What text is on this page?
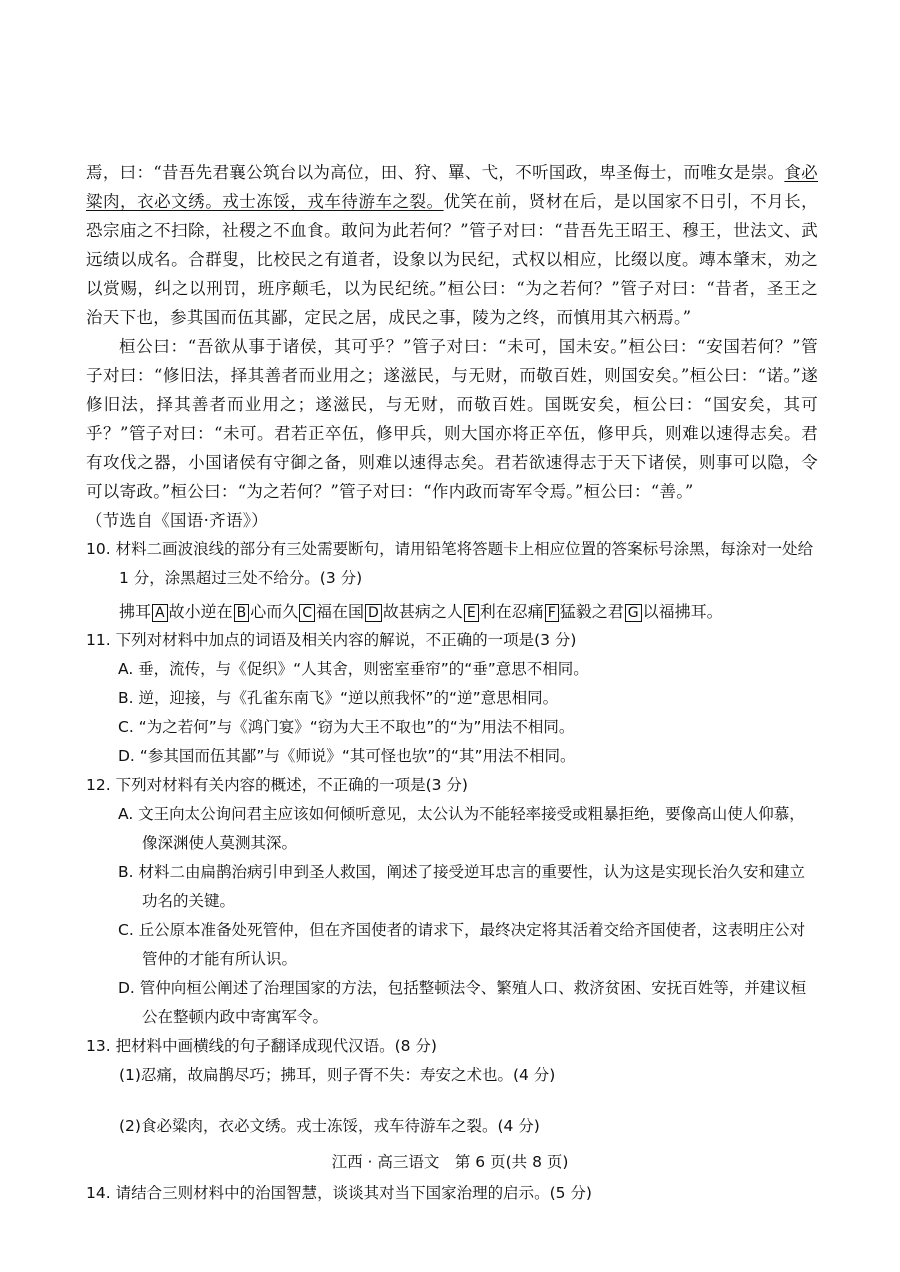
焉，曰：“昔吾先君襄公筑台以为高位，田、狩、罼、弋，不听国政，卑圣侮士，而唯女是崇。食必粱肉，衣必文绣。戎士冻馁，戎车待游车之裂。优笑在前，贤材在后，是以国家不日引，不月长，恐宗庙之不扫除，社稷之不血食。敢问为此若何？”管子对曰：“昔吾先王昭王、穆王，世法文、武远绩以成名。合群叟，比校民之有道者，设象以为民纪，式权以相应，比缀以度。竱本肇末，劝之以赏赐，纠之以刑罚，班序颠毛，以为民纪统。”桓公曰：“为之若何？”管子对曰：“昔者，圣王之治天下也，参其国而伍其鄙，定民之居，成民之事，陵为之终，而慎用其六柄焉。”

桓公曰：“吾欲从事于诸侯，其可乎？”管子对曰：“未可，国未安。”桓公曰：“安国若何？”管子对曰：“修旧法，择其善者而业用之；遂滋民，与无财，而敬百姓，则国安矣。”桓公曰：“诺。”遂修旧法，择其善者而业用之；遂滋民，与无财，而敬百姓。国既安矣，桓公曰：“国安矣，其可乎？”管子对曰：“未可。君若正卒伍，修甲兵，则大国亦将正卒伍，修甲兵，则难以速得志矣。君有攻伐之器，小国诸侯有守御之备，则难以速得志矣。君若欲速得志于天下诸侯，则事可以隐，令可以寄政。”桓公曰：“为之若何？”管子对曰：“作内政而寄军令焉。”桓公曰：“善。”

（节选自《国语·齐语》）

10. 材料二画波浪线的部分有三处需要断句，请用铅笔将答题卡上相应位置的答案标号涂黑，每涂对一处给 1 分，涂黑超过三处不给分。(3 分)

拂耳 A 故小逆在 B 心而久 C 福在国 D 故甚病之人 E 利在忍痛 F 猛毅之君 G 以福拂耳。

11. 下列对材料中加点的词语及相关内容的解说，不正确的一项是(3 分)

A. 垂，流传，与《促织》“人其舍，则密室垂帘”的“垂”意思不相同。

B. 逆，迎接，与《孔雀东南飞》“逆以煎我怀”的“逆”意思相同。

C. “为之若何”与《鸿门宴》“窃为大王不取也”的“为”用法不相同。

D. “参其国而伍其鄙”与《师说》“其可怪也欤”的“其”用法不相同。

12. 下列对材料有关内容的概述，不正确的一项是(3 分)

A. 文王向太公询问君主应该如何倾听意见，太公认为不能轻率接受或粗暴拒绝，要像高山使人仰慕，像深渊使人莫测其深。

B. 材料二由扁鹊治病引申到圣人救国，阐述了接受逆耳忠言的重要性，认为这是实现长治久安和建立功名的关键。

C. 丘公原本准备处死管仲，但在齐国使者的请求下，最终决定将其活着交给齐国使者，这表明庄公对管仲的才能有所认识。

D. 管仲向桓公阐述了治理国家的方法，包括整顿法令、繁殖人口、救济贫困、安抚百姓等，并建议桓公在整顿内政中寄寓军令。

13. 把材料中画横线的句子翻译成现代汉语。(8 分)

(1)忍痛，故扁鹊尽巧；拂耳，则子胥不失：寿安之术也。(4 分)

(2)食必粱肉，衣必文绣。戎士冻馁，戎车待游车之裂。(4 分)

14. 请结合三则材料中的治国智慧，谈谈其对当下国家治理的启示。(5 分)

江西 · 高三语文　第 6 页(共 8 页)
